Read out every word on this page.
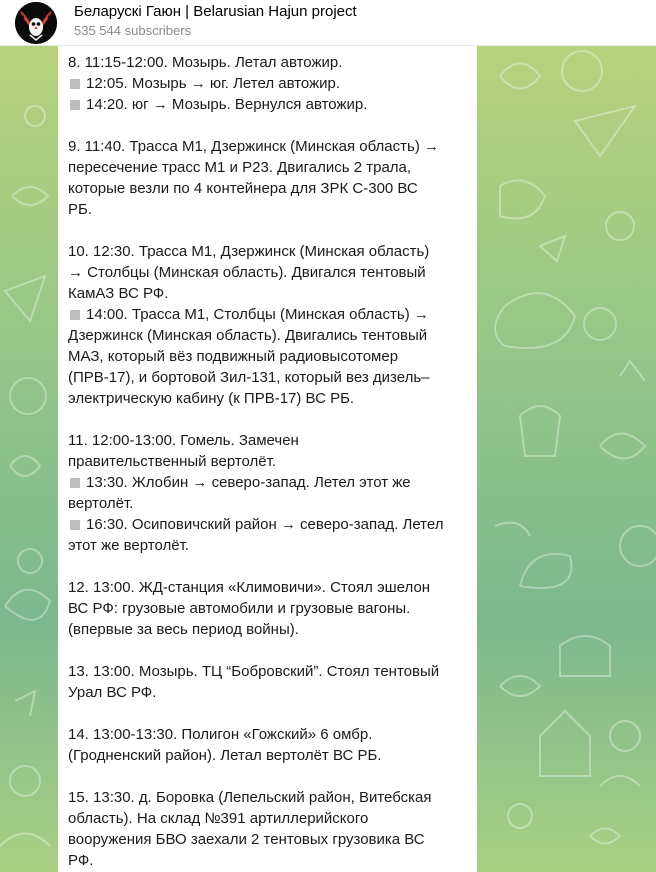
Беларускі Гаюн | Belarusian Hajun project
535 544 subscribers
8. 11:15-12:00. Мозырь. Летал автожир.
12:05. Мозырь → юг. Летел автожир.
14:20. юг → Мозырь. Вернулся автожир.
9. 11:40. Трасса М1, Дзержинск (Минская область) →
пересечение трасс М1 и Р23. Двигались 2 трала,
которые везли по 4 контейнера для ЗРК С-300 ВС
РБ.
10. 12:30. Трасса М1, Дзержинск (Минская область)
→ Столбцы (Минская область). Двигался тентовый
КамАЗ ВС РФ.
14:00. Трасса М1, Столбцы (Минская область) →
Дзержинск (Минская область). Двигались тентовый
МАЗ, который вёз подвижный радиовысотомер
(ПРВ-17), и бортовой Зил-131, который вез дизель–
электрическую кабину (к ПРВ-17) ВС РБ.
11. 12:00-13:00. Гомель. Замечен
правительственный вертолёт.
13:30. Жлобин → северо-запад. Летел этот же
вертолёт.
16:30. Осиповичский район → северо-запад. Летел
этот же вертолёт.
12. 13:00. ЖД-станция «Климовичи». Стоял эшелон
ВС РФ: грузовые автомобили и грузовые вагоны.
(впервые за весь период войны).
13. 13:00. Мозырь. ТЦ “Бобровский”. Стоял тентовый
Урал ВС РФ.
14. 13:00-13:30. Полигон «Гожский» 6 омбр.
(Гродненский район). Летал вертолёт ВС РБ.
15. 13:30. д. Боровка (Лепельский район, Витебская
область). На склад №391 артиллерийского
вооружения БВО заехали 2 тентовых грузовика ВС
РФ.
